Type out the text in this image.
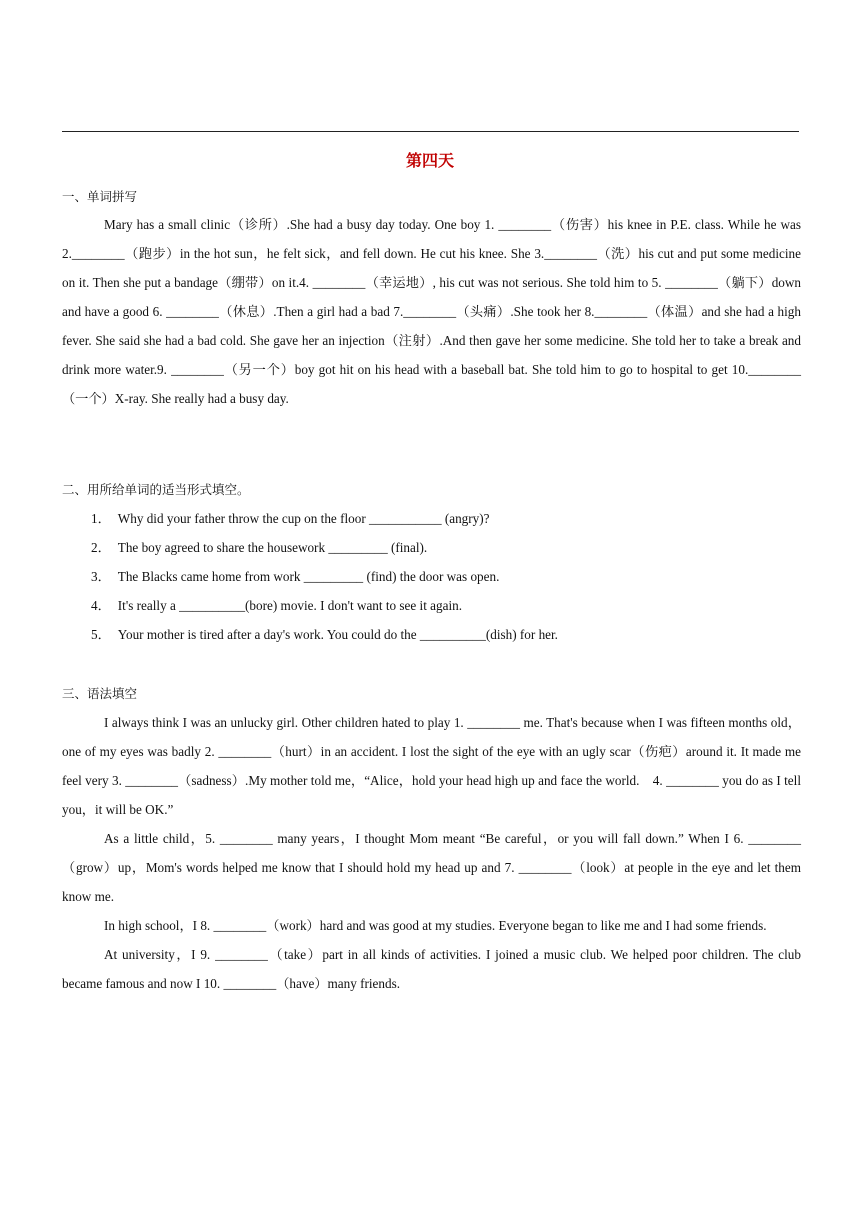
第四天
一、单词拼写

Mary has a small clinic（诊所）.She had a busy day today. One boy 1. ________（伤害）his knee in P.E. class. While he was 2.________（跑步）in the hot sun，he felt sick，and fell down. He cut his knee. She 3.________（洗）his cut and put some medicine on it. Then she put a bandage（绷带）on it.4. ________（幸运地）, his cut was not serious. She told him to 5. ________（躺下）down and have a good 6. ________（休息）.Then a girl had a bad 7.________（头痛）.She took her 8.________（体温）and she had a high fever. She said she had a bad cold. She gave her an injection（注射）.And then gave her some medicine. She told her to take a break and drink more water.9. ________（另一个）boy got hit on his head with a baseball bat. She told him to go to hospital to get 10.________（一个）X-ray. She really had a busy day.

二、用所给单词的适当形式填空。
1． Why did your father throw the cup on the floor ___________ (angry)?
2． The boy agreed to share the housework _________ (final).
3． The Blacks came home from work _________ (find) the door was open.
4． It's really a __________(bore) movie. I don't want to see it again.
5． Your mother is tired after a day's work. You could do the __________(dish) for her.
三、语法填空

I always think I was an unlucky girl. Other children hated to play 1. ________ me. That's because when I was fifteen months old，one of my eyes was badly 2. ________（hurt）in an accident. I lost the sight of the eye with an ugly scar（伤疤）around it. It made me feel very 3. ________（sadness）.My mother told me，“Alice，hold your head high up and face the world.　4. ________ you do as I tell you，it will be OK.”

As a little child，5. ________ many years，I thought Mom meant “Be careful，or you will fall down.” When I 6. ________（grow）up，Mom's words helped me know that I should hold my head up and 7. ________（look）at people in the eye and let them know me.

In high school，I 8. ________（work）hard and was good at my studies. Everyone began to like me and I had some friends.

At university，I 9. ________（take）part in all kinds of activities. I joined a music club. We helped poor children. The club became famous and now I 10. ________（have）many friends.
